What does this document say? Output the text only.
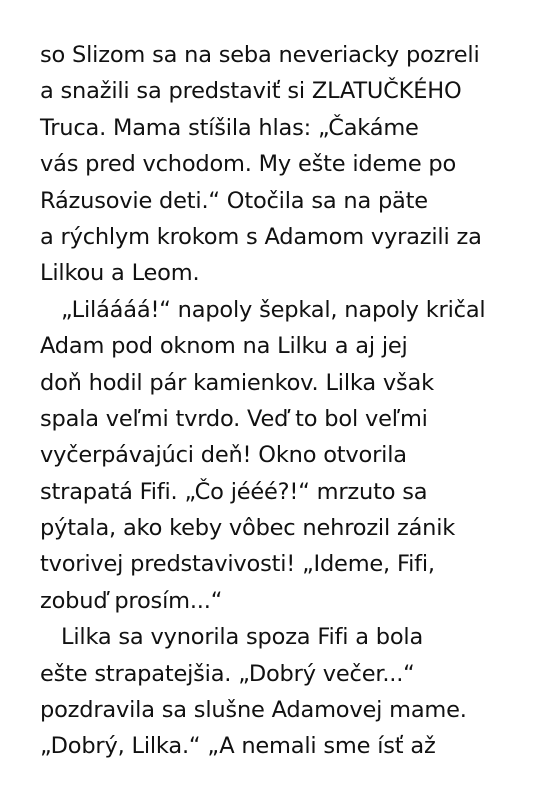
so Slizom sa na seba neveriacky pozreli
a snažili sa predstaviť si ZLATUČKÉHO
Truca. Mama stíšila hlas: „Čakáme
vás pred vchodom. My ešte ideme po
Rázusovie deti.“ Otočila sa na päte
a rýchlym krokom s Adamom vyrazili za
Lilkou a Leom.
„Liláááá!“ napoly šepkal, napoly kričal
Adam pod oknom na Lilku a aj jej
doň hodil pár kamienkov. Lilka však
spala veľmi tvrdo. Veď to bol veľmi
vyčerpávajúci deň! Okno otvorila
strapatá Fifi. „Čo jééé?!“ mrzuto sa
pýtala, ako keby vôbec nehrozil zánik
tvorivej predstavivosti! „Ideme, Fifi,
zobuď prosím...“
Lilka sa vynorila spoza Fifi a bola
ešte strapatejšia. „Dobrý večer...“
pozdravila sa slušne Adamovej mame.
„Dobrý, Lilka.“ „A nemali sme ísť až
